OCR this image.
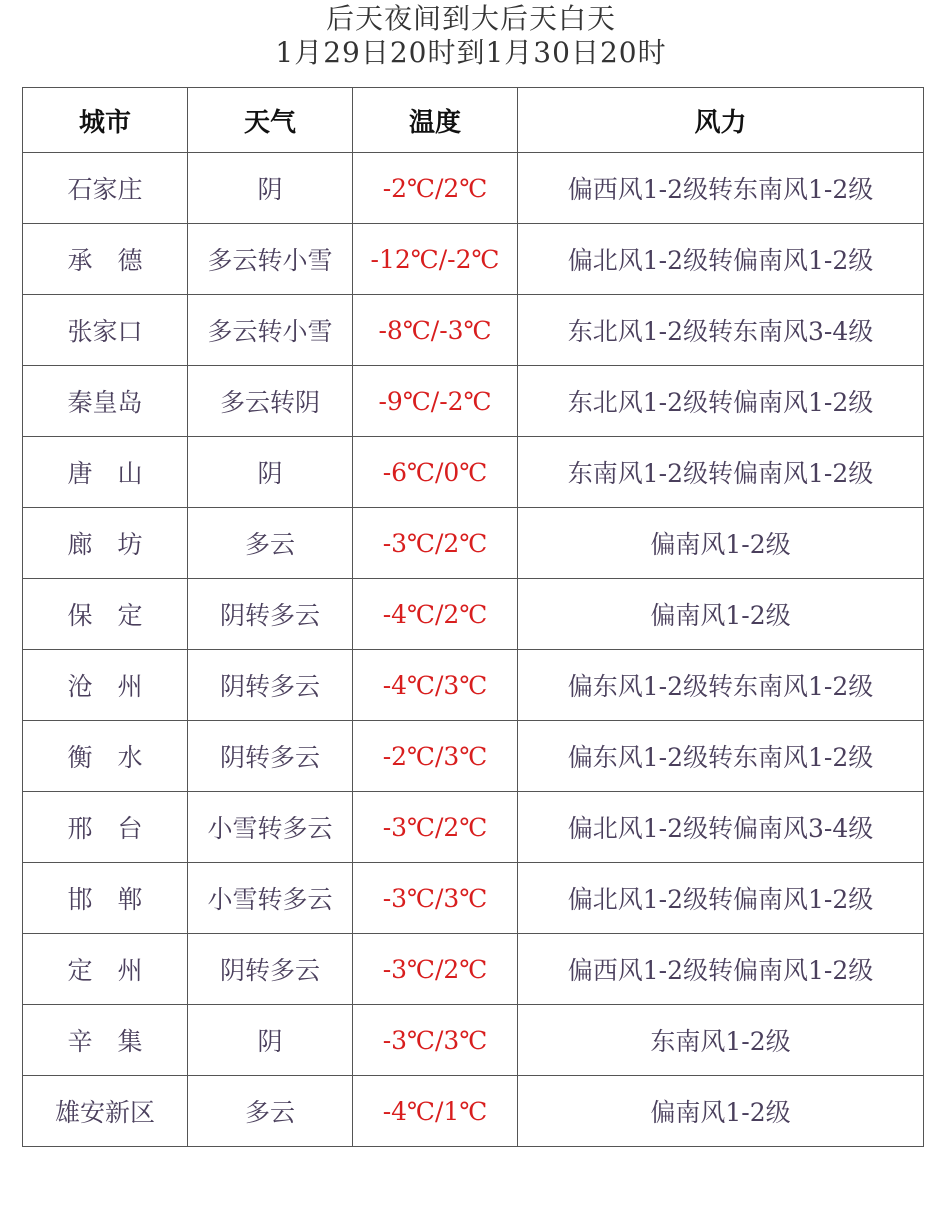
后天夜间到大后天白天
1月29日20时到1月30日20时
城市	天气	温度	风力
石家庄	阴	-2℃/2℃	偏西风1-2级转东南风1-2级
承　德	多云转小雪	-12℃/-2℃	偏北风1-2级转偏南风1-2级
张家口	多云转小雪	-8℃/-3℃	东北风1-2级转东南风3-4级
秦皇岛	多云转阴	-9℃/-2℃	东北风1-2级转偏南风1-2级
唐　山	阴	-6℃/0℃	东南风1-2级转偏南风1-2级
廊　坊	多云	-3℃/2℃	偏南风1-2级
保　定	阴转多云	-4℃/2℃	偏南风1-2级
沧　州	阴转多云	-4℃/3℃	偏东风1-2级转东南风1-2级
衡　水	阴转多云	-2℃/3℃	偏东风1-2级转东南风1-2级
邢　台	小雪转多云	-3℃/2℃	偏北风1-2级转偏南风3-4级
邯　郸	小雪转多云	-3℃/3℃	偏北风1-2级转偏南风1-2级
定　州	阴转多云	-3℃/2℃	偏西风1-2级转偏南风1-2级
辛　集	阴	-3℃/3℃	东南风1-2级
雄安新区	多云	-4℃/1℃	偏南风1-2级
